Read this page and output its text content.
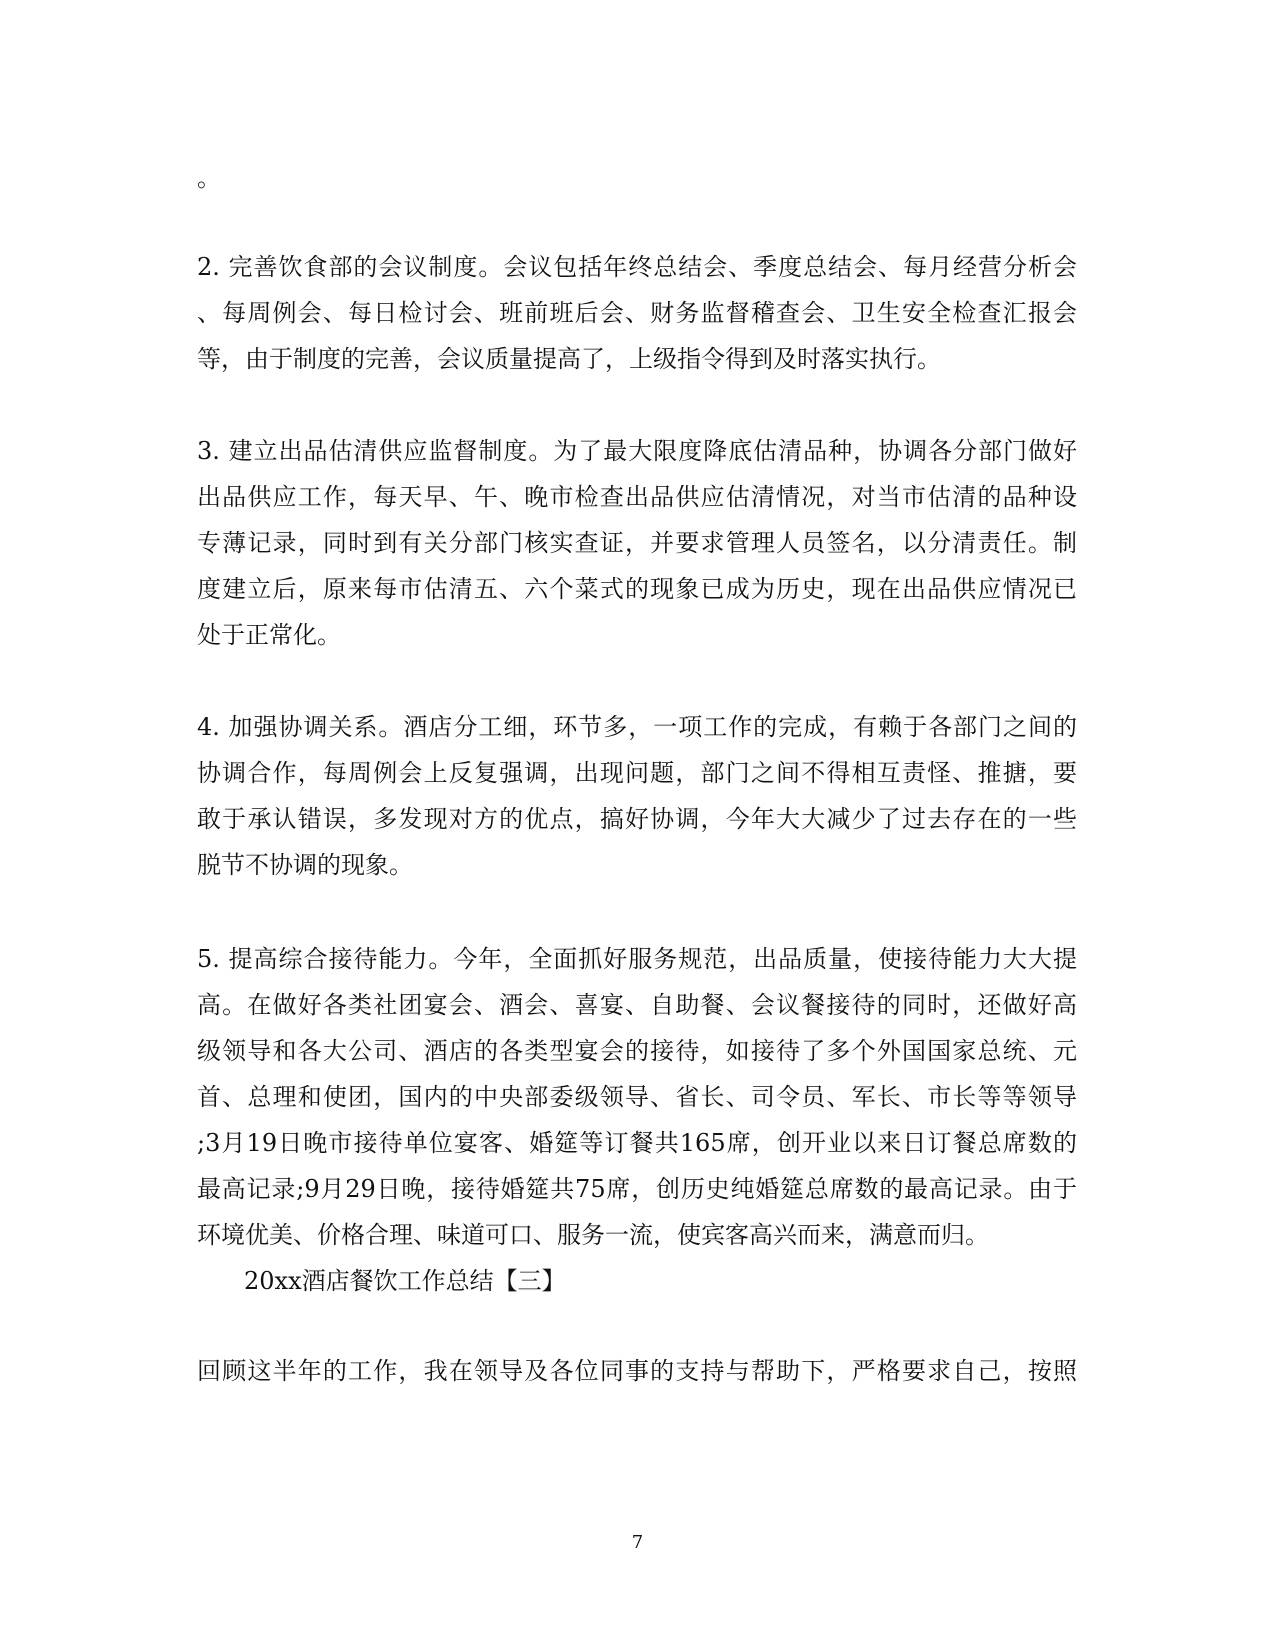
。
2. 完善饮食部的会议制度。会议包括年终总结会、季度总结会、每月经营分析会
、每周例会、每日检讨会、班前班后会、财务监督稽查会、卫生安全检查汇报会
等，由于制度的完善，会议质量提高了，上级指令得到及时落实执行。
3. 建立出品估清供应监督制度。为了最大限度降底估清品种，协调各分部门做好
出品供应工作，每天早、午、晚市检查出品供应估清情况，对当市估清的品种设
专薄记录，同时到有关分部门核实查证，并要求管理人员签名，以分清责任。制
度建立后，原来每市估清五、六个菜式的现象已成为历史，现在出品供应情况已
处于正常化。
4. 加强协调关系。酒店分工细，环节多，一项工作的完成，有赖于各部门之间的
协调合作，每周例会上反复强调，出现问题，部门之间不得相互责怪、推搪，要
敢于承认错误，多发现对方的优点，搞好协调，今年大大减少了过去存在的一些
脱节不协调的现象。
5. 提高综合接待能力。今年，全面抓好服务规范，出品质量，使接待能力大大提
高。在做好各类社团宴会、酒会、喜宴、自助餐、会议餐接待的同时，还做好高
级领导和各大公司、酒店的各类型宴会的接待，如接待了多个外国国家总统、元
首、总理和使团，国内的中央部委级领导、省长、司令员、军长、市长等等领导
;3月19日晚市接待单位宴客、婚筵等订餐共165席，创开业以来日订餐总席数的
最高记录;9月29日晚，接待婚筵共75席，创历史纯婚筵总席数的最高记录。由于
环境优美、价格合理、味道可口、服务一流，使宾客高兴而来，满意而归。
20xx酒店餐饮工作总结【三】
回顾这半年的工作，我在领导及各位同事的支持与帮助下，严格要求自己，按照
7
